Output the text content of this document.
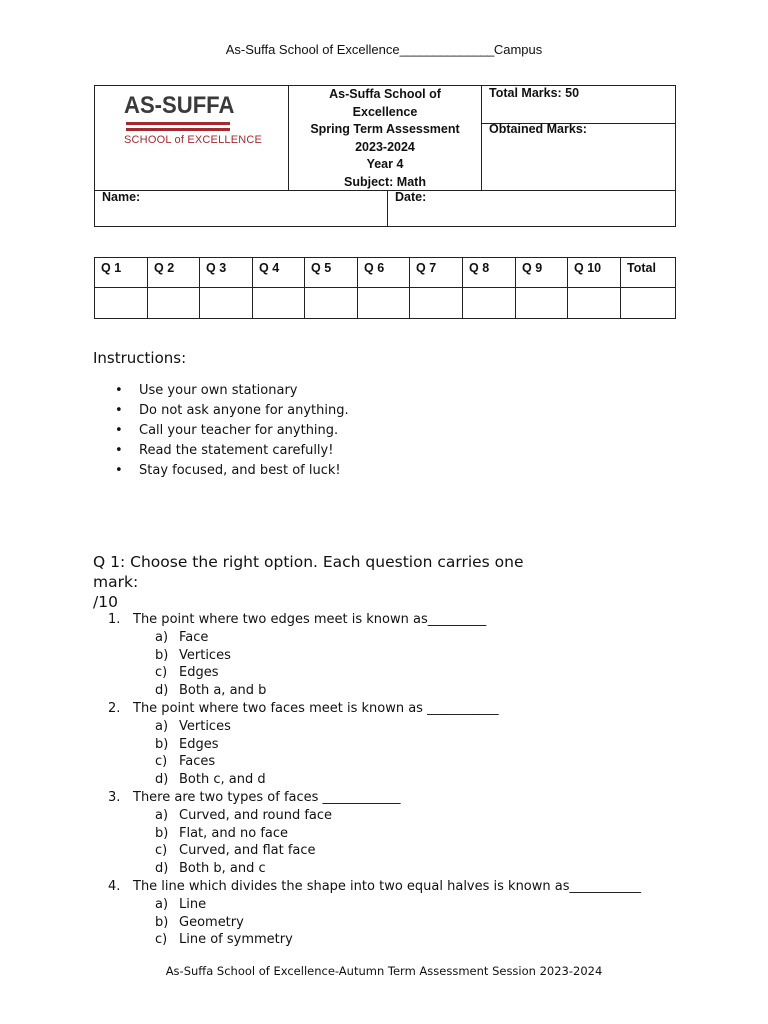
As-Suffa School of Excellence______________Campus
AS-SUFFA
SCHOOL of EXCELLENCE
As-Suffa School of Excellence
Spring Term Assessment
2023-2024
Year 4
Subject: Math
Total Marks: 50
Obtained Marks:
Name:	Date:
Q 1	Q 2	Q 3	Q 4	Q 5	Q 6	Q 7	Q 8	Q 9	Q 10	Total

Instructions:
• Use your own stationary
• Do not ask anyone for anything.
• Call your teacher for anything.
• Read the statement carefully!
• Stay focused, and best of luck!
Q 1: Choose the right option. Each question carries one mark:
/10
1. The point where two edges meet is known as_________
a) Face
b) Vertices
c) Edges
d) Both a, and b
2. The point where two faces meet is known as ___________
a) Vertices
b) Edges
c) Faces
d) Both c, and d
3. There are two types of faces ____________
a) Curved, and round face
b) Flat, and no face
c) Curved, and flat face
d) Both b, and c
4. The line which divides the shape into two equal halves is known as___________
a) Line
b) Geometry
c) Line of symmetry
As-Suffa School of Excellence-Autumn Term Assessment Session 2023-2024
